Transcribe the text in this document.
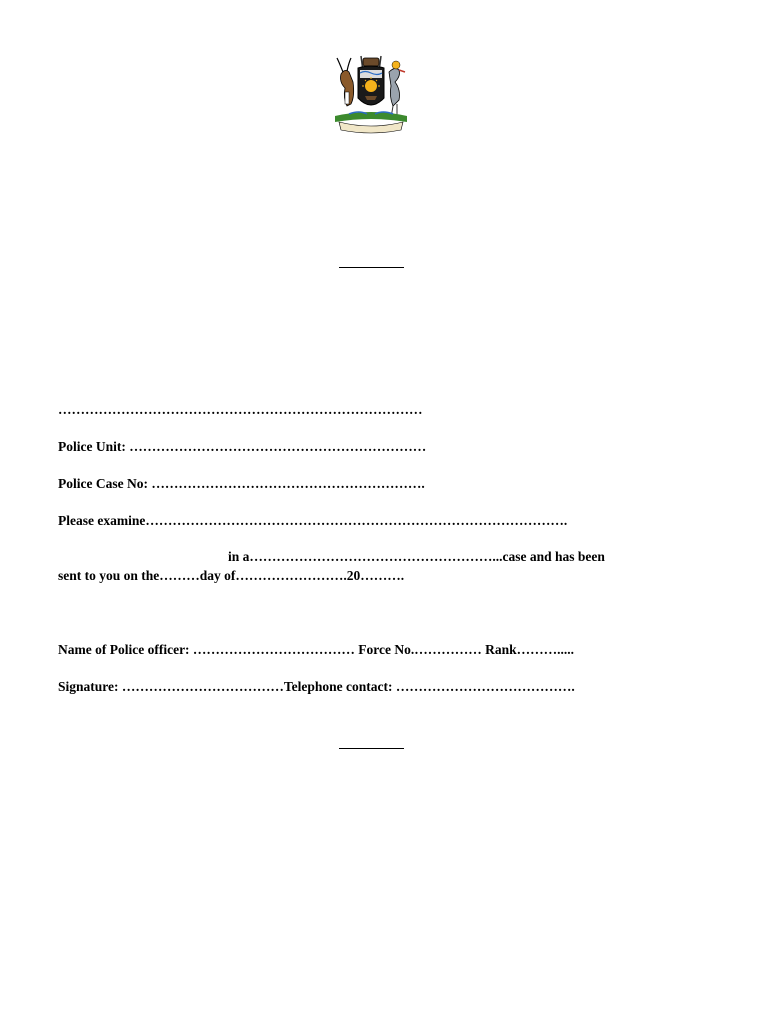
………………………………………………………………………
Police Unit: …………………………………………………………
Police Case No: …………………………………………………….
Please examine………………………………………………………………………………….
in a………………………………………………...case and has been
sent to you on the………day of…………………….20……….
Name of Police officer: ……………………………… Force No.…………… Rank……….....
Signature: ………………………………Telephone contact: ………………………………….
